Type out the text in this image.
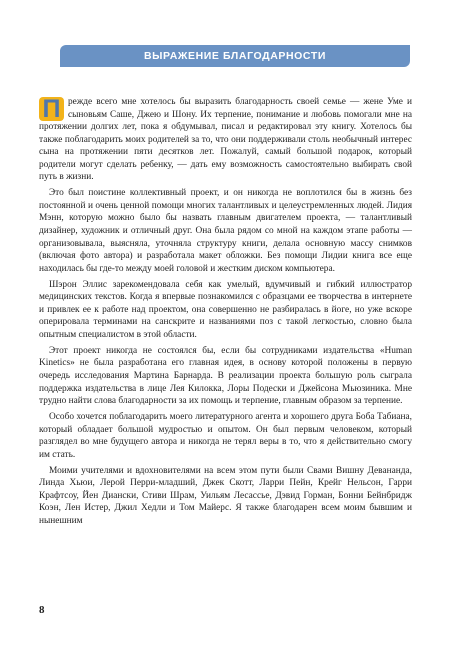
ВЫРАЖЕНИЕ БЛАГОДАРНОСТИ

П режде всего мне хотелось бы выразить благодарность своей семье — жене Уме и сыновьям Саше, Джею и Шону. Их терпение, понимание и любовь помогали мне на протяжении долгих лет, пока я обдумывал, писал и редактировал эту книгу. Хотелось бы также поблагодарить моих родителей за то, что они поддерживали столь необычный интерес сына на протяжении пяти десятков лет. Пожалуй, самый большой подарок, который родители могут сделать ребенку, — дать ему возможность самостоятельно выбирать свой путь в жизни.

Это был поистине коллективный проект, и он никогда не воплотился бы в жизнь без постоянной и очень ценной помощи многих талантливых и целеустремленных людей. Лидия Мэнн, которую можно было бы назвать главным двигателем проекта, — талантливый дизайнер, художник и отличный друг. Она была рядом со мной на каждом этапе работы — организовывала, выясняла, уточняла структуру книги, делала основную массу снимков (включая фото автора) и разработала макет обложки. Без помощи Лидии книга все еще находилась бы где-то между моей головой и жестким диском компьютера.

Шэрон Эллис зарекомендовала себя как умелый, вдумчивый и гибкий иллюстратор медицинских текстов. Когда я впервые познакомился с образцами ее творчества в интернете и привлек ее к работе над проектом, она совершенно не разбиралась в йоге, но уже вскоре оперировала терминами на санскрите и названиями поз с такой легкостью, словно была опытным специалистом в этой области.

Этот проект никогда не состоялся бы, если бы сотрудниками издательства «Human Kinetics» не была разработана его главная идея, в основу которой положены в первую очередь исследования Мартина Барнарда. В реализации проекта большую роль сыграла поддержка издательства в лице Лея Килокка, Лоры Подески и Джейсона Мьюзиника. Мне трудно найти слова благодарности за их помощь и терпение, главным образом за терпение.

Особо хочется поблагодарить моего литературного агента и хорошего друга Боба Табиана, который обладает большой мудростью и опытом. Он был первым человеком, который разглядел во мне будущего автора и никогда не терял веры в то, что я действительно смогу им стать.

Моими учителями и вдохновителями на всем этом пути были Свами Вишну Девананда, Линда Хьюи, Лерой Перри-младший, Джек Скотт, Ларри Пейн, Крейг Нельсон, Гарри Крафтсоу, Йен Диански, Стиви Шрам, Уильям Лесассье, Дэвид Горман, Бонни Бейнбридж Коэн, Лен Истер, Джил Хедли и Том Майерс. Я также благодарен всем моим бывшим и нынешним

8
